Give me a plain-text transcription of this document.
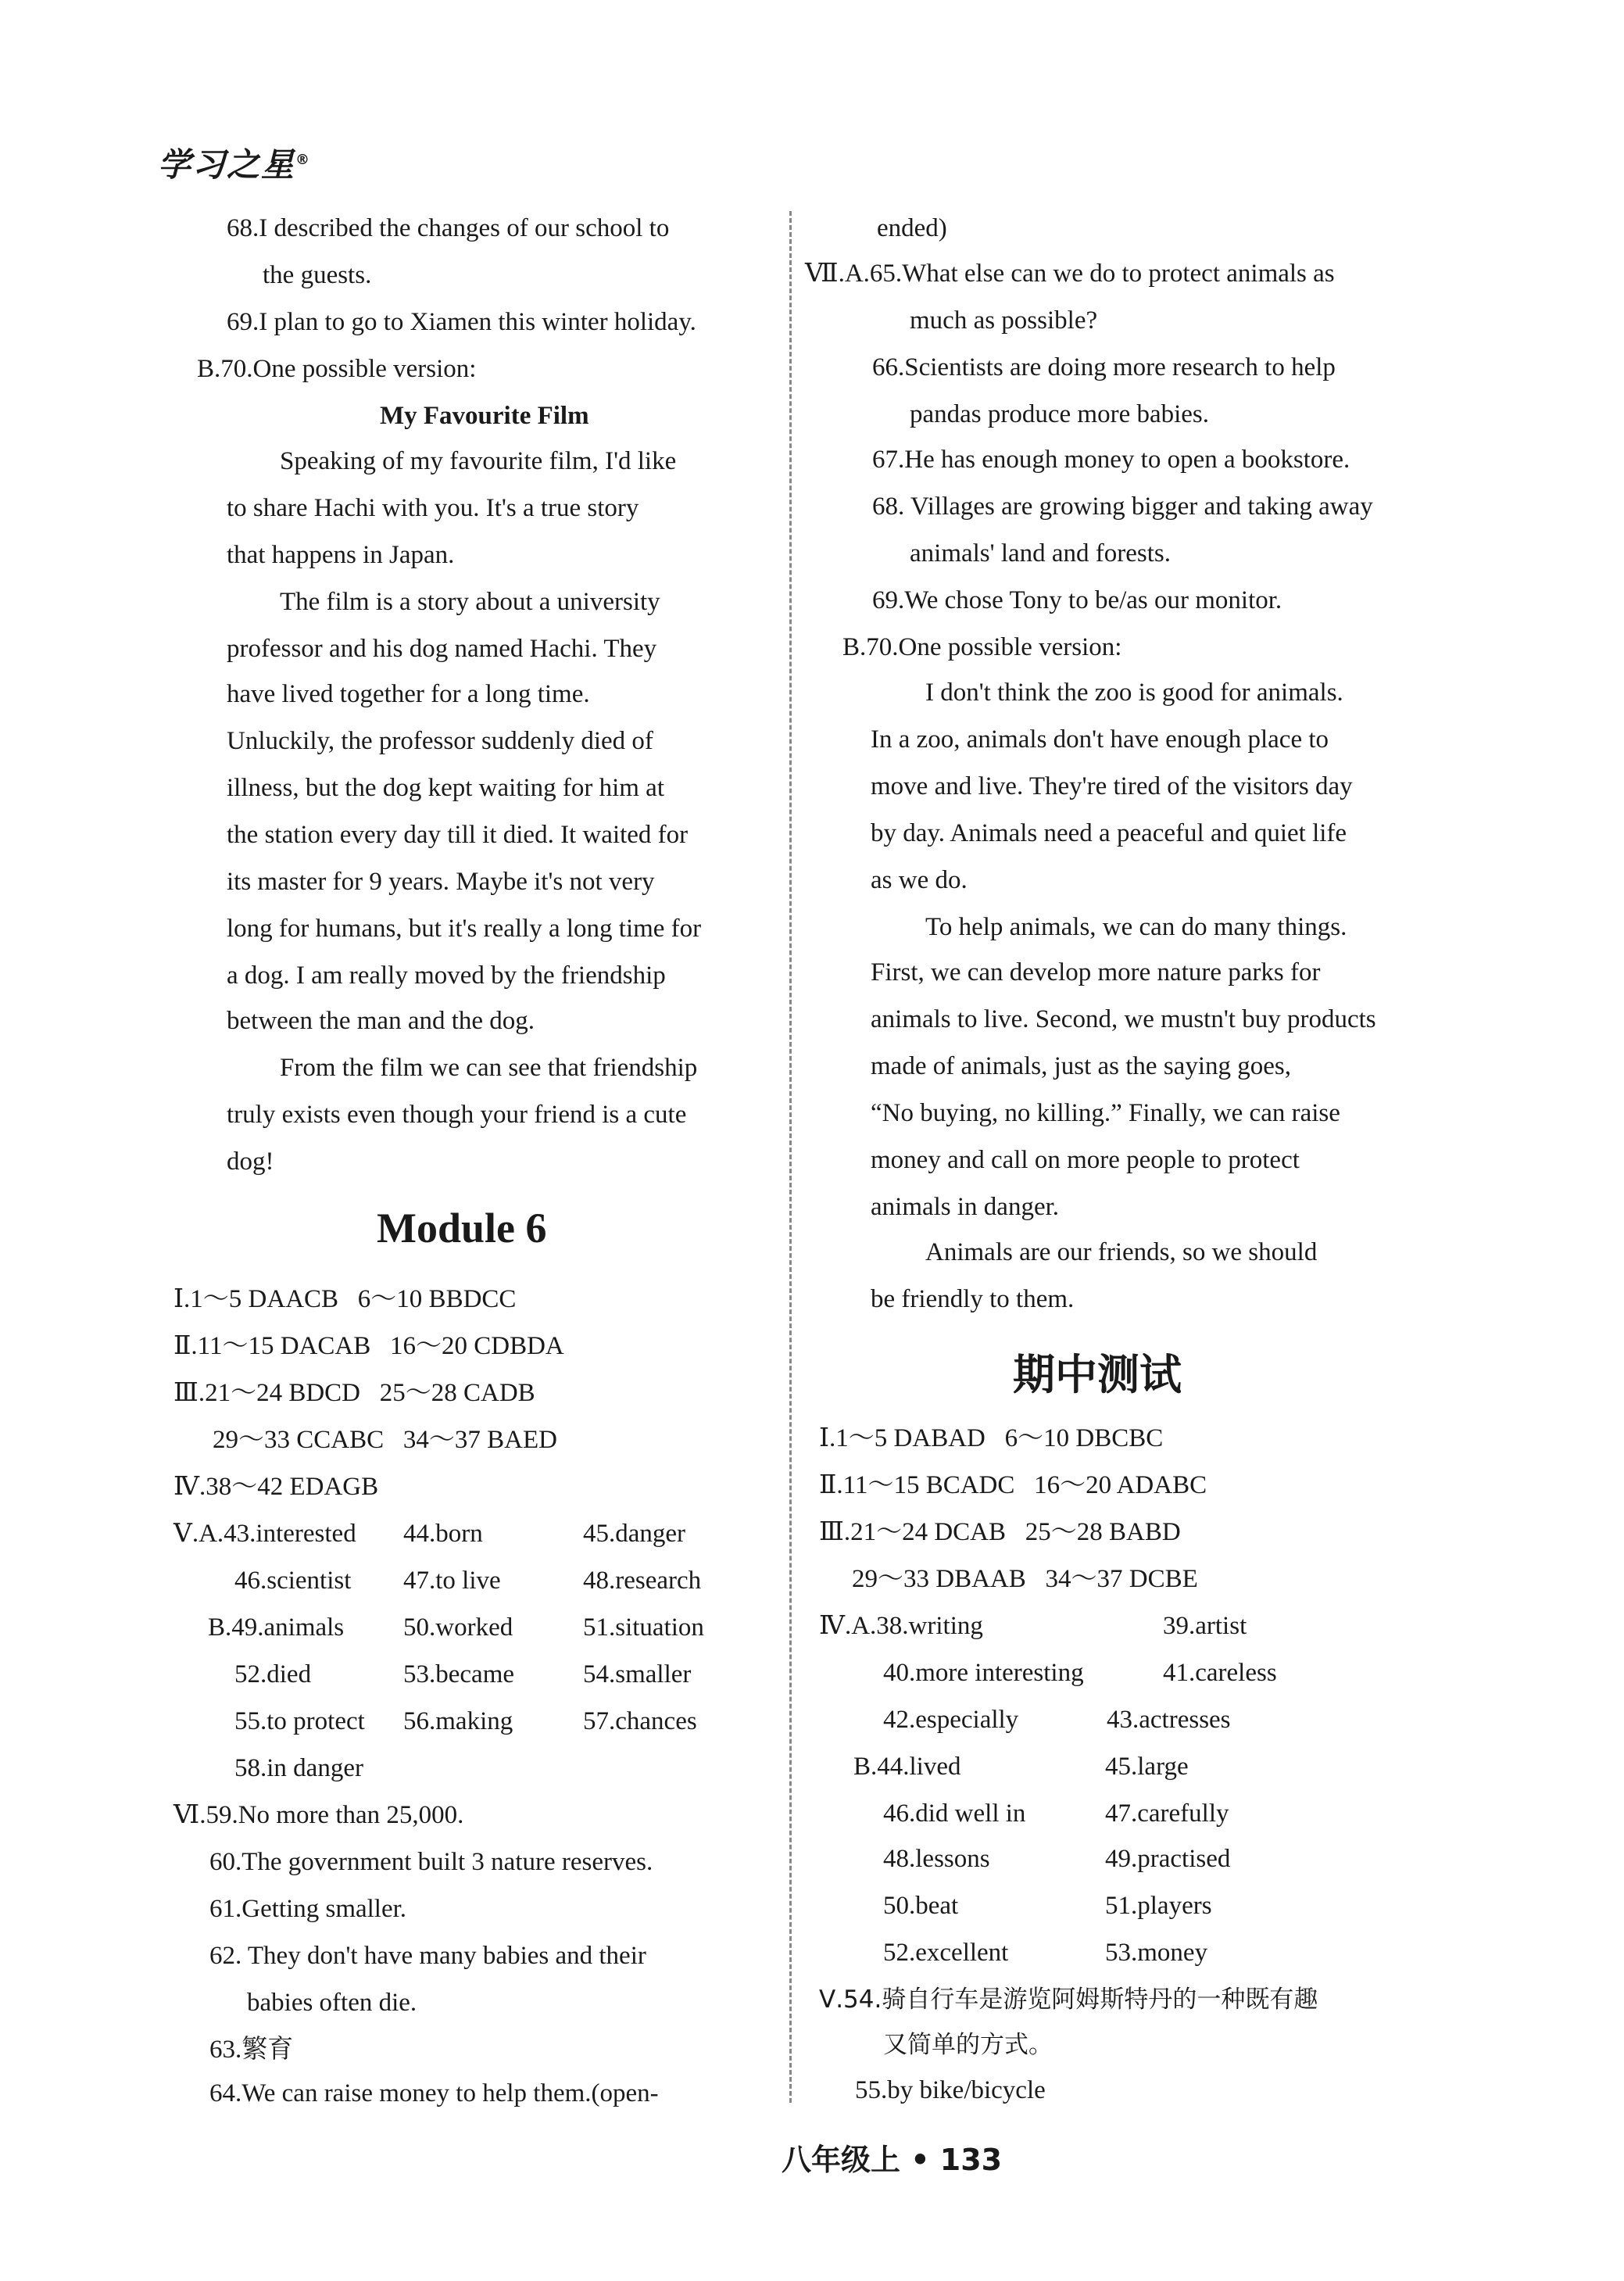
学习之星®
68.I described the changes of our school to
the guests.
69.I plan to go to Xiamen this winter holiday.
B.70.One possible version:
My Favourite Film
Speaking of my favourite film, I'd like
to share Hachi with you. It's a true story
that happens in Japan.
The film is a story about a university
professor and his dog named Hachi. They
have lived together for a long time.
Unluckily, the professor suddenly died of
illness, but the dog kept waiting for him at
the station every day till it died. It waited for
its master for 9 years. Maybe it's not very
long for humans, but it's really a long time for
a dog. I am really moved by the friendship
between the man and the dog.
From the film we can see that friendship
truly exists even though your friend is a cute
dog!
Module 6
Ⅰ.1～5 DAACB   6～10 BBDCC
Ⅱ.11～15 DACAB   16～20 CDBDA
Ⅲ.21～24 BDCD   25～28 CADB
29～33 CCABC   34～37 BAED
Ⅳ.38～42 EDAGB
Ⅴ.A.43.interested 44.born	45.danger
46.scientist 47.to live	48.research
B.49.animals 50.worked	51.situation
52.died	53.became	54.smaller
55.to protect 56.making	57.chances
58.in danger
Ⅵ.59.No more than 25,000.
60.The government built 3 nature reserves.
61.Getting smaller.
62. They don't have many babies and their
babies often die.
63.繁育
64.We can raise money to help them.(open-
ended)
Ⅶ.A.65.What else can we do to protect animals as
much as possible?
66.Scientists are doing more research to help
pandas produce more babies.
67.He has enough money to open a bookstore.
68. Villages are growing bigger and taking away
animals' land and forests.
69.We chose Tony to be/as our monitor.
B.70.One possible version:
I don't think the zoo is good for animals.
In a zoo, animals don't have enough place to
move and live. They're tired of the visitors day
by day. Animals need a peaceful and quiet life
as we do.
To help animals, we can do many things.
First, we can develop more nature parks for
animals to live. Second, we mustn't buy products
made of animals, just as the saying goes,
“No buying, no killing.” Finally, we can raise
money and call on more people to protect
animals in danger.
Animals are our friends, so we should
be friendly to them.
期中测试
Ⅰ.1～5 DABAD   6～10 DBCBC
Ⅱ.11～15 BCADC   16～20 ADABC
Ⅲ.21～24 DCAB   25～28 BABD
29～33 DBAAB   34～37 DCBE
Ⅳ.A.38.writing	39.artist
40.more interesting	41.careless
42.especially	43.actresses
B.44.lived	45.large
46.did well in	47.carefully
48.lessons	49.practised
50.beat	51.players
52.excellent	53.money
Ⅴ.54.骑自行车是游览阿姆斯特丹的一种既有趣
又简单的方式。
55.by bike/bicycle
八年级上 • 133
